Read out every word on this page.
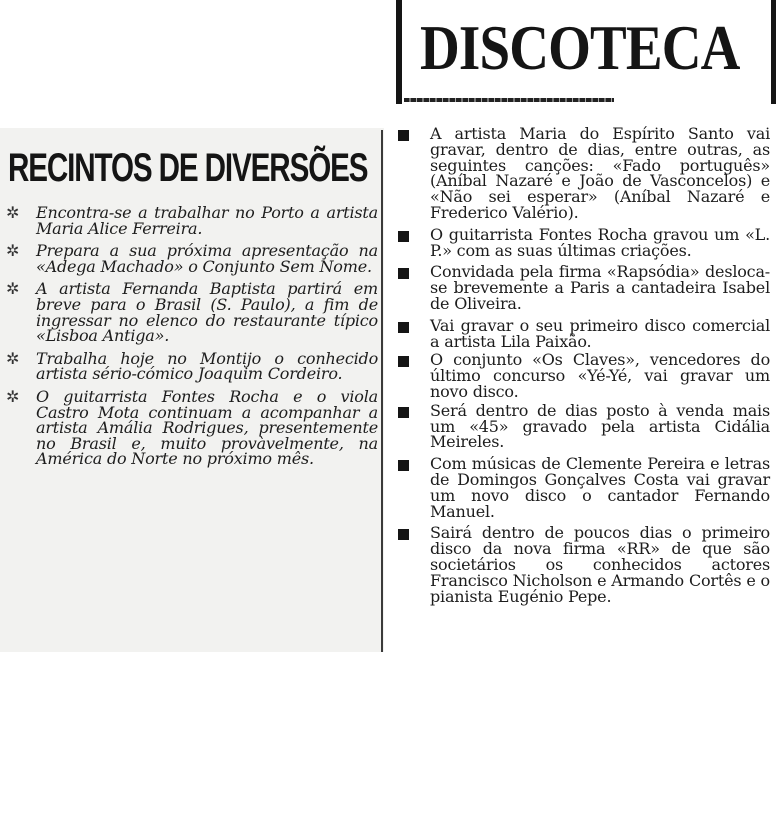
RECINTOS DE DIVERSÕES
✲ Encontra-se a trabalhar no Porto a artista Maria Alice Ferreira.
✲ Prepara a sua próxima apresentação na «Adega Machado» o Conjunto Sem Nome.
✲ A artista Fernanda Baptista partirá em breve para o Brasil (S. Paulo), a fim de ingressar no elenco do restaurante típico «Lisboa Antiga».
✲ Trabalha hoje no Montijo o conhecido artista sério-cómico Joaquim Cordeiro.
✲ O guitarrista Fontes Rocha e o viola Castro Mota continuam a acompanhar a artista Amália Rodrigues, presentemente no Brasil e, muito provàvelmente, na América do Norte no próximo mês.
DISCOTECA
A artista Maria do Espírito Santo vai gravar, dentro de dias, entre outras, as seguintes canções: «Fado português» (Aníbal Nazaré e João de Vasconcelos) e «Não sei esperar» (Aníbal Nazaré e Frederico Valério).
O guitarrista Fontes Rocha gravou um «L. P.» com as suas últimas criações.
Convidada pela firma «Rapsódia» desloca-se brevemente a Paris a cantadeira Isabel de Oliveira.
Vai gravar o seu primeiro disco comercial a artista Lila Paixão.
O conjunto «Os Claves», vencedores do último concurso «Yé-Yé, vai gravar um novo disco.
Será dentro de dias posto à venda mais um «45» gravado pela artista Cidália Meireles.
Com músicas de Clemente Pereira e letras de Domingos Gonçalves Costa vai gravar um novo disco o cantador Fernando Manuel.
Sairá dentro de poucos dias o primeiro disco da nova firma «RR» de que são societários os conhecidos actores Francisco Nicholson e Armando Cortês e o pianista Eugénio Pepe.
